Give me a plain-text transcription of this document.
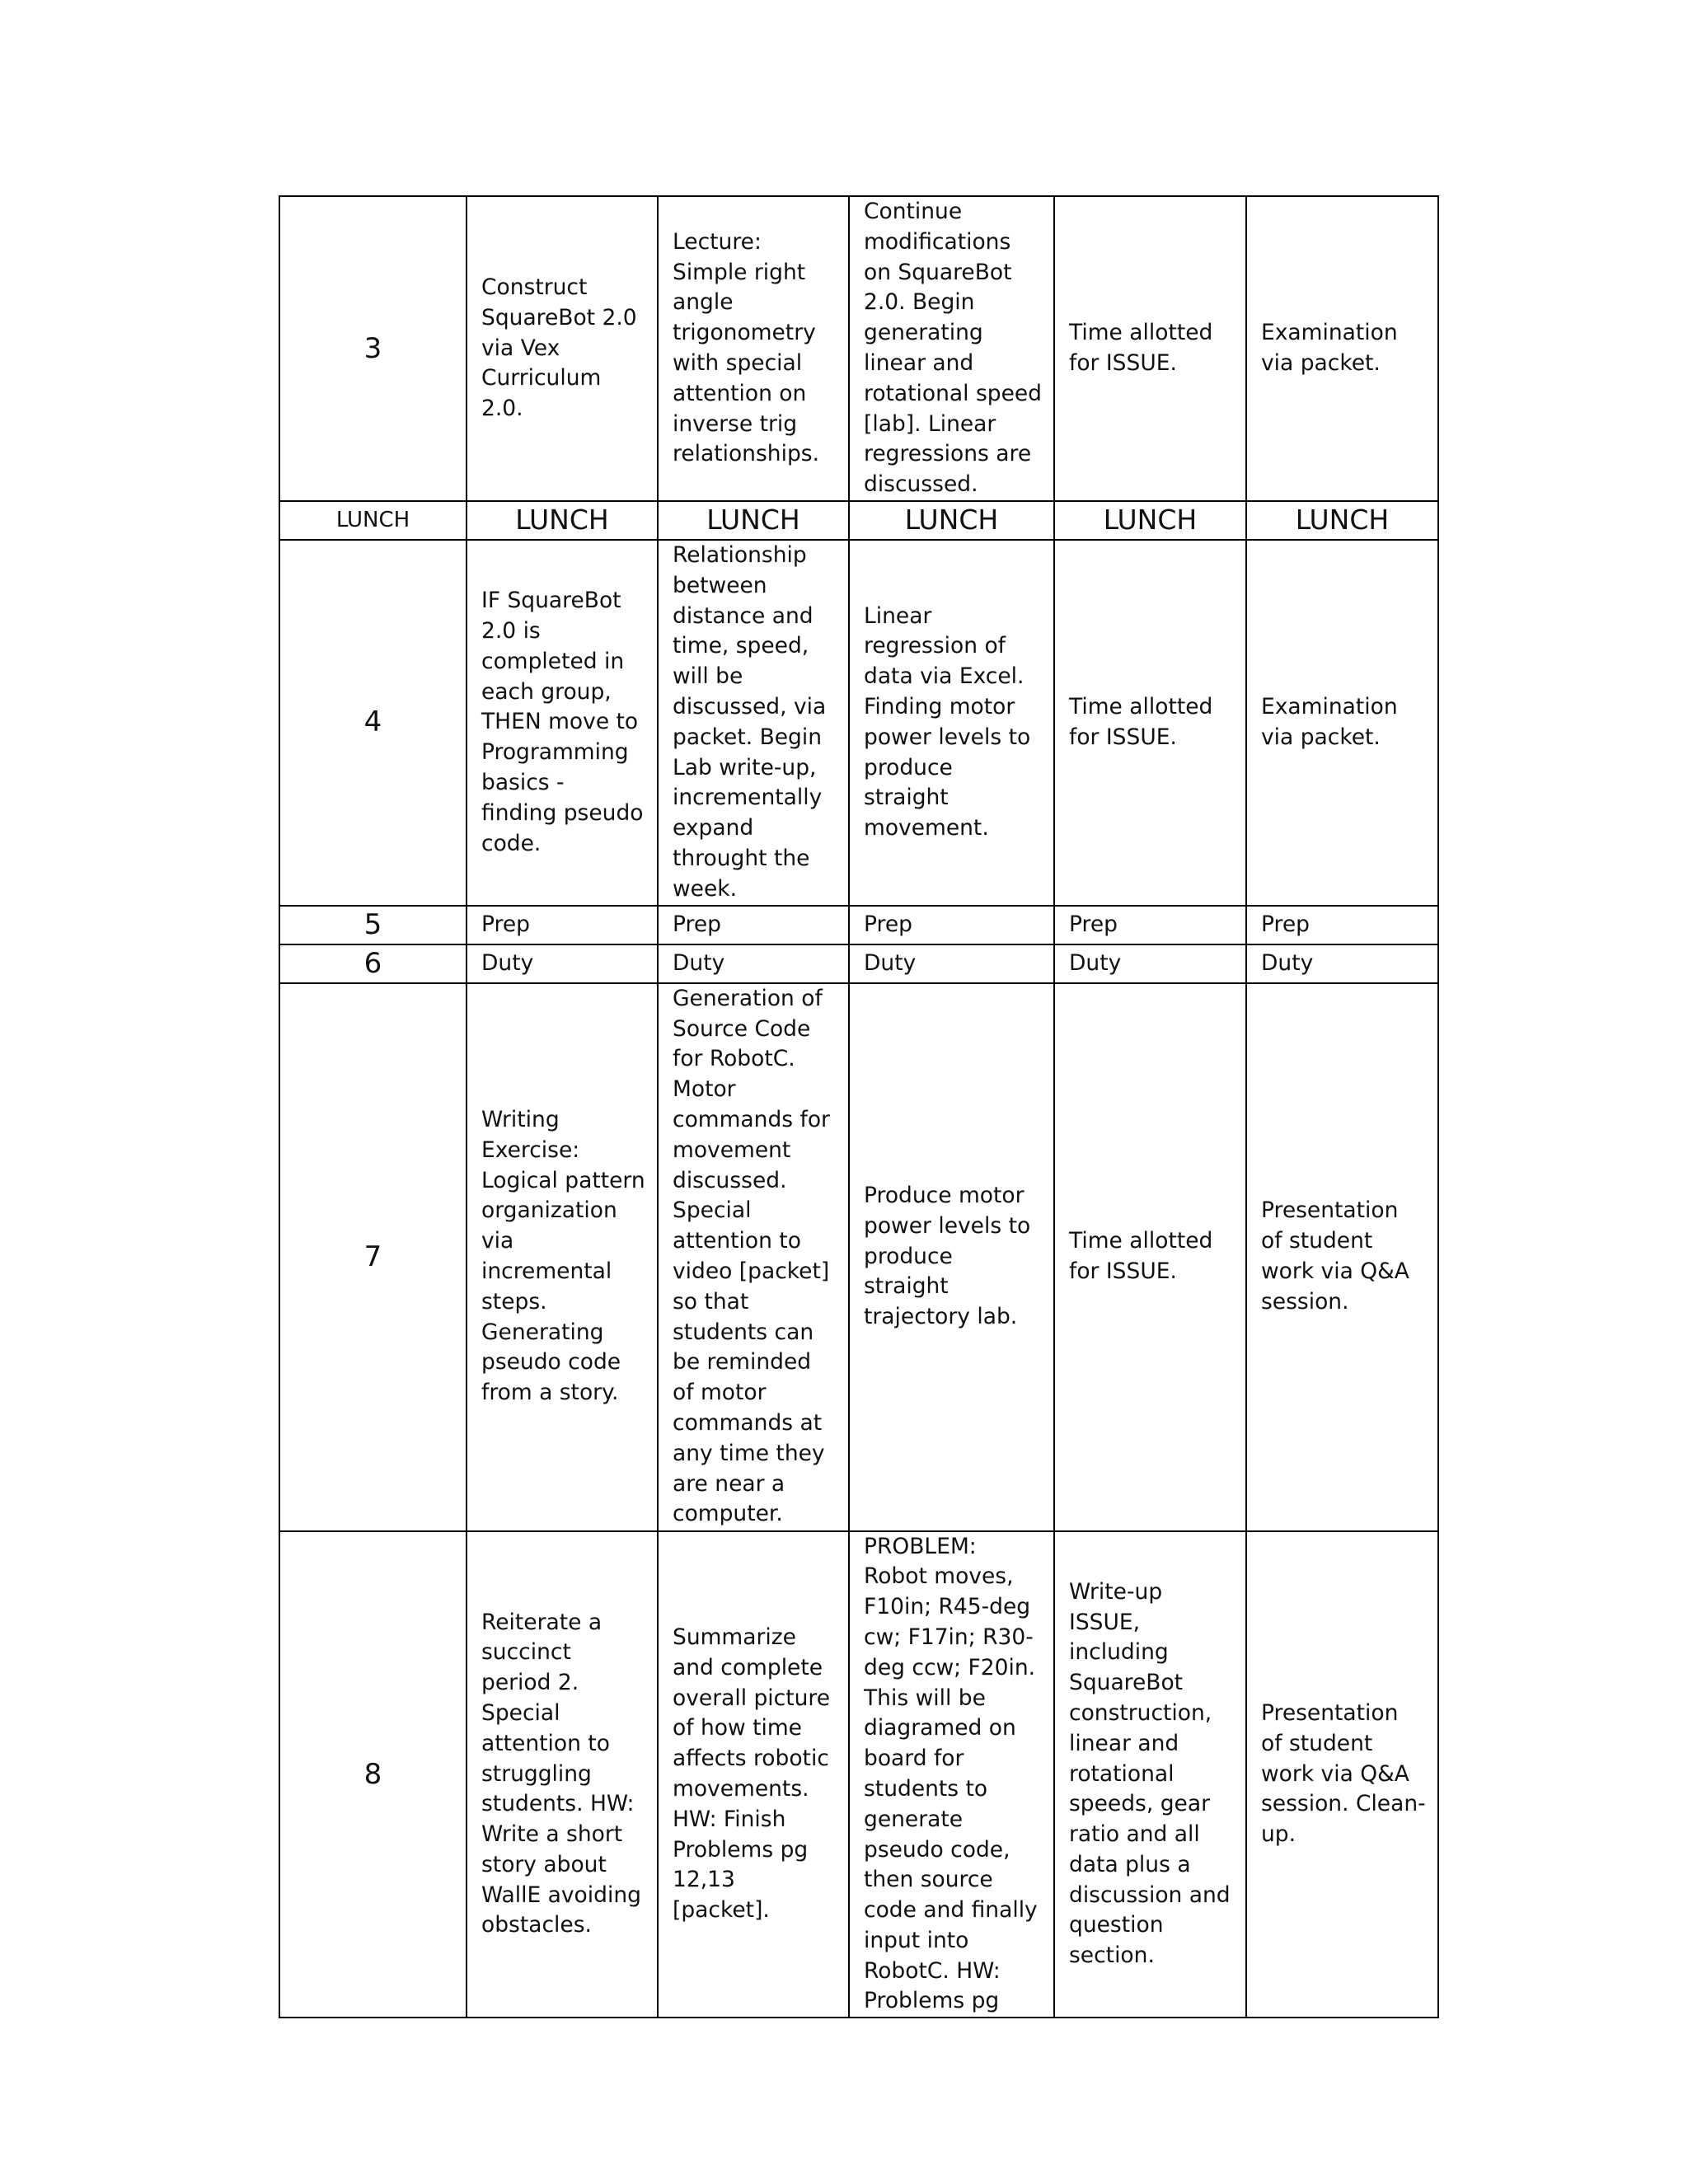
3	Construct SquareBot 2.0 via Vex Curriculum 2.0.	Lecture: Simple right angle trigonometry with special attention on inverse trig relationships.	Continue modifications on SquareBot 2.0. Begin generating linear and rotational speed [lab]. Linear regressions are discussed.	Time allotted for ISSUE.	Examination via packet.
LUNCH	LUNCH	LUNCH	LUNCH	LUNCH	LUNCH
4	IF SquareBot 2.0 is completed in each group, THEN move to Programming basics - finding pseudo code.	Relationship between distance and time, speed, will be discussed, via packet. Begin Lab write-up, incrementally expand throught the week.	Linear regression of data via Excel. Finding motor power levels to produce straight movement.	Time allotted for ISSUE.	Examination via packet.
5	Prep	Prep	Prep	Prep	Prep
6	Duty	Duty	Duty	Duty	Duty
7	Writing Exercise: Logical pattern organization via incremental steps. Generating pseudo code from a story.	Generation of Source Code for RobotC. Motor commands for movement discussed. Special attention to video [packet] so that students can be reminded of motor commands at any time they are near a computer.	Produce motor power levels to produce straight trajectory lab.	Time allotted for ISSUE.	Presentation of student work via Q&A session.
8	Reiterate a succinct period 2. Special attention to struggling students. HW: Write a short story about WallE avoiding obstacles.	Summarize and complete overall picture of how time affects robotic movements. HW: Finish Problems pg 12,13 [packet].	PROBLEM: Robot moves, F10in; R45-deg cw; F17in; R30-deg ccw; F20in. This will be diagramed on board for students to generate pseudo code, then source code and finally input into RobotC. HW: Problems pg	Write-up ISSUE, including SquareBot construction, linear and rotational speeds, gear ratio and all data plus a discussion and question section.	Presentation of student work via Q&A session. Clean-up.
